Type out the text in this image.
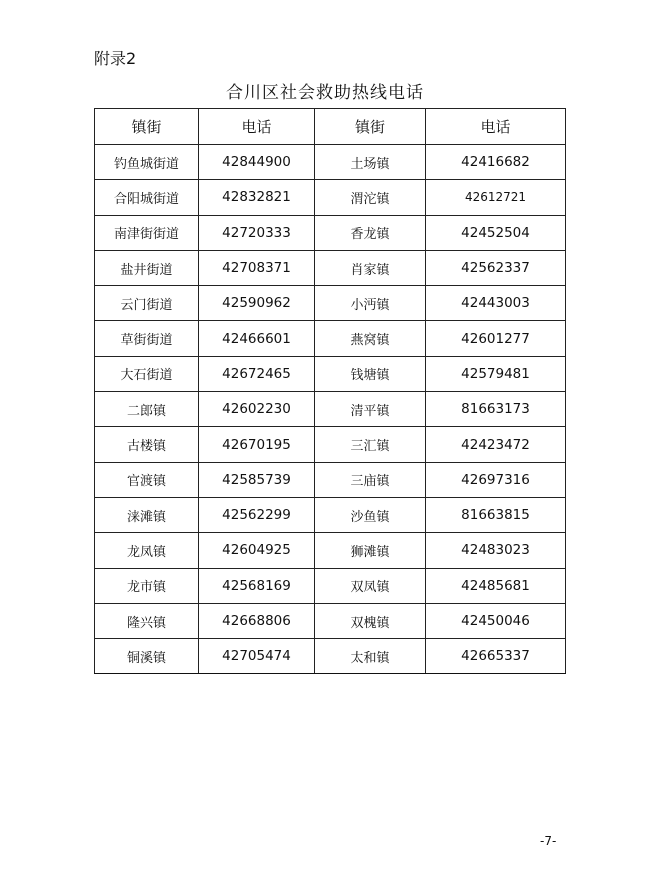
附录2
合川区社会救助热线电话
镇街	电话	镇街	电话
钓鱼城街道	42844900	土场镇	42416682
合阳城街道	42832821	渭沱镇	42612721
南津街街道	42720333	香龙镇	42452504
盐井街道	42708371	肖家镇	42562337
云门街道	42590962	小沔镇	42443003
草街街道	42466601	燕窝镇	42601277
大石街道	42672465	钱塘镇	42579481
二郎镇	42602230	清平镇	81663173
古楼镇	42670195	三汇镇	42423472
官渡镇	42585739	三庙镇	42697316
涞滩镇	42562299	沙鱼镇	81663815
龙凤镇	42604925	狮滩镇	42483023
龙市镇	42568169	双凤镇	42485681
隆兴镇	42668806	双槐镇	42450046
铜溪镇	42705474	太和镇	42665337
-7-
